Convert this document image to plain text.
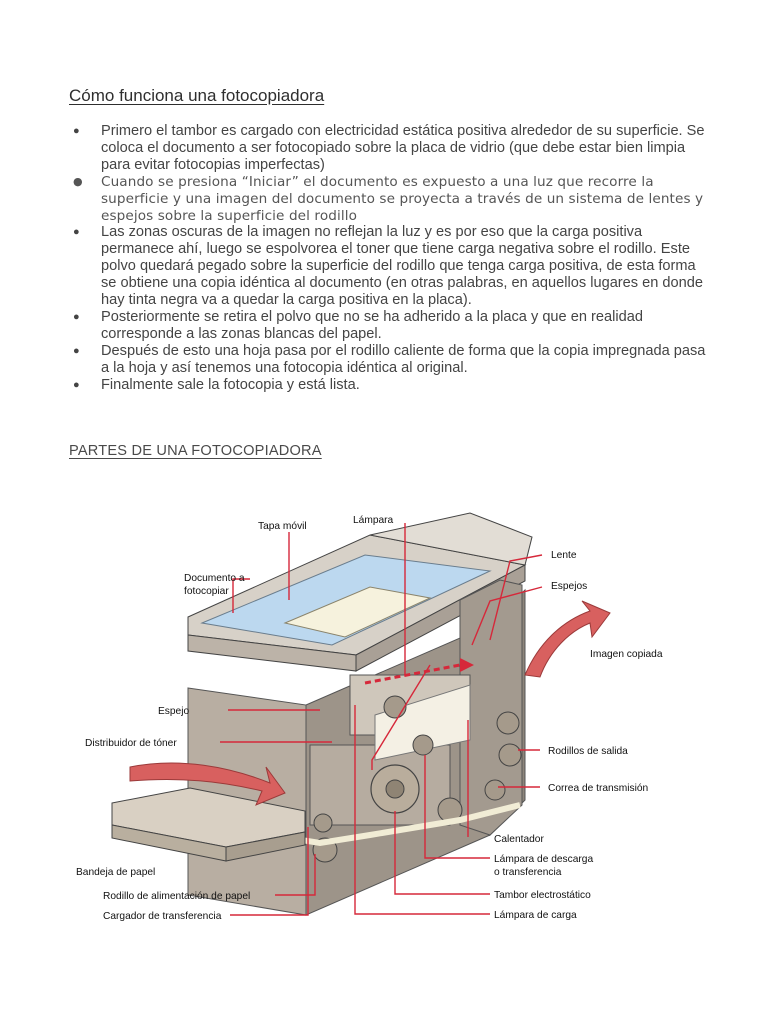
Cómo funciona una fotocopiadora
● Primero el tambor es cargado con electricidad estática positiva alrededor de su superficie. Se coloca el documento a ser fotocopiado sobre la placa de vidrio (que debe estar bien limpia para evitar fotocopias imperfectas)
● Cuando se presiona “Iniciar” el documento es expuesto a una luz que recorre la superficie y una imagen del documento se proyecta a través de un sistema de lentes y espejos sobre la superficie del rodillo
● Las zonas oscuras de la imagen no reflejan la luz y es por eso que la carga positiva permanece ahí, luego se espolvorea el toner que tiene carga negativa sobre el rodillo. Este polvo quedará pegado sobre la superficie del rodillo que tenga carga positiva, de esta forma se obtiene una copia idéntica al documento (en otras palabras, en aquellos lugares en donde hay tinta negra va a quedar la carga positiva en la placa).
● Posteriormente se retira el polvo que no se ha adherido a la placa y que en realidad corresponde a las zonas blancas del papel.
● Después de esto una hoja pasa por el rodillo caliente de forma que la copia impregnada pasa a la hoja y así tenemos una fotocopia idéntica al original.
● Finalmente sale la fotocopia y está lista.
PARTES DE UNA FOTOCOPIADORA
Tapa móvil
Lámpara
Lente
Espejos
Documento a
fotocopiar
Imagen copiada
Espejo
Distribuidor de tóner
Rodillos de salida
Correa de transmisión
Calentador
Lámpara de descarga
o transferencia
Bandeja de papel
Tambor electrostático
Rodillo de alimentación de papel
Lámpara de carga
Cargador de transferencia
